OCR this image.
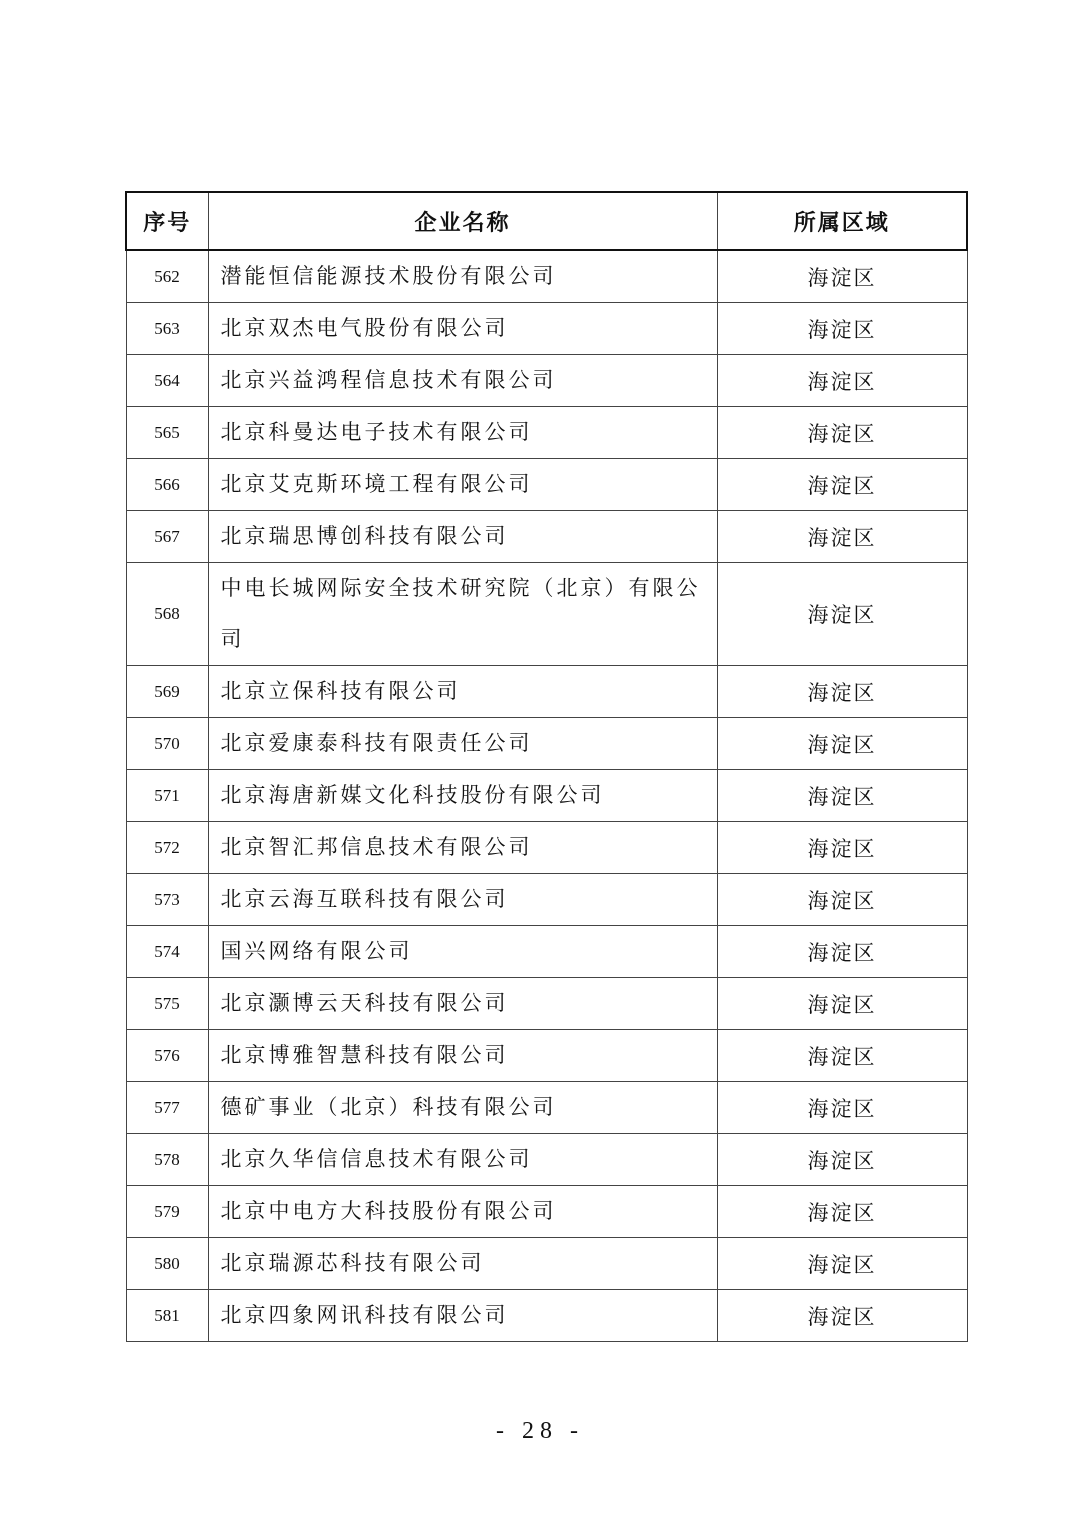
序号	企业名称	所属区域
562	潜能恒信能源技术股份有限公司	海淀区
563	北京双杰电气股份有限公司	海淀区
564	北京兴益鸿程信息技术有限公司	海淀区
565	北京科曼达电子技术有限公司	海淀区
566	北京艾克斯环境工程有限公司	海淀区
567	北京瑞思博创科技有限公司	海淀区
568	中电长城网际安全技术研究院（北京）有限公司	海淀区
569	北京立保科技有限公司	海淀区
570	北京爱康泰科技有限责任公司	海淀区
571	北京海唐新媒文化科技股份有限公司	海淀区
572	北京智汇邦信息技术有限公司	海淀区
573	北京云海互联科技有限公司	海淀区
574	国兴网络有限公司	海淀区
575	北京灏博云天科技有限公司	海淀区
576	北京博雅智慧科技有限公司	海淀区
577	德矿事业（北京）科技有限公司	海淀区
578	北京久华信信息技术有限公司	海淀区
579	北京中电方大科技股份有限公司	海淀区
580	北京瑞源芯科技有限公司	海淀区
581	北京四象网讯科技有限公司	海淀区
- 28 -
